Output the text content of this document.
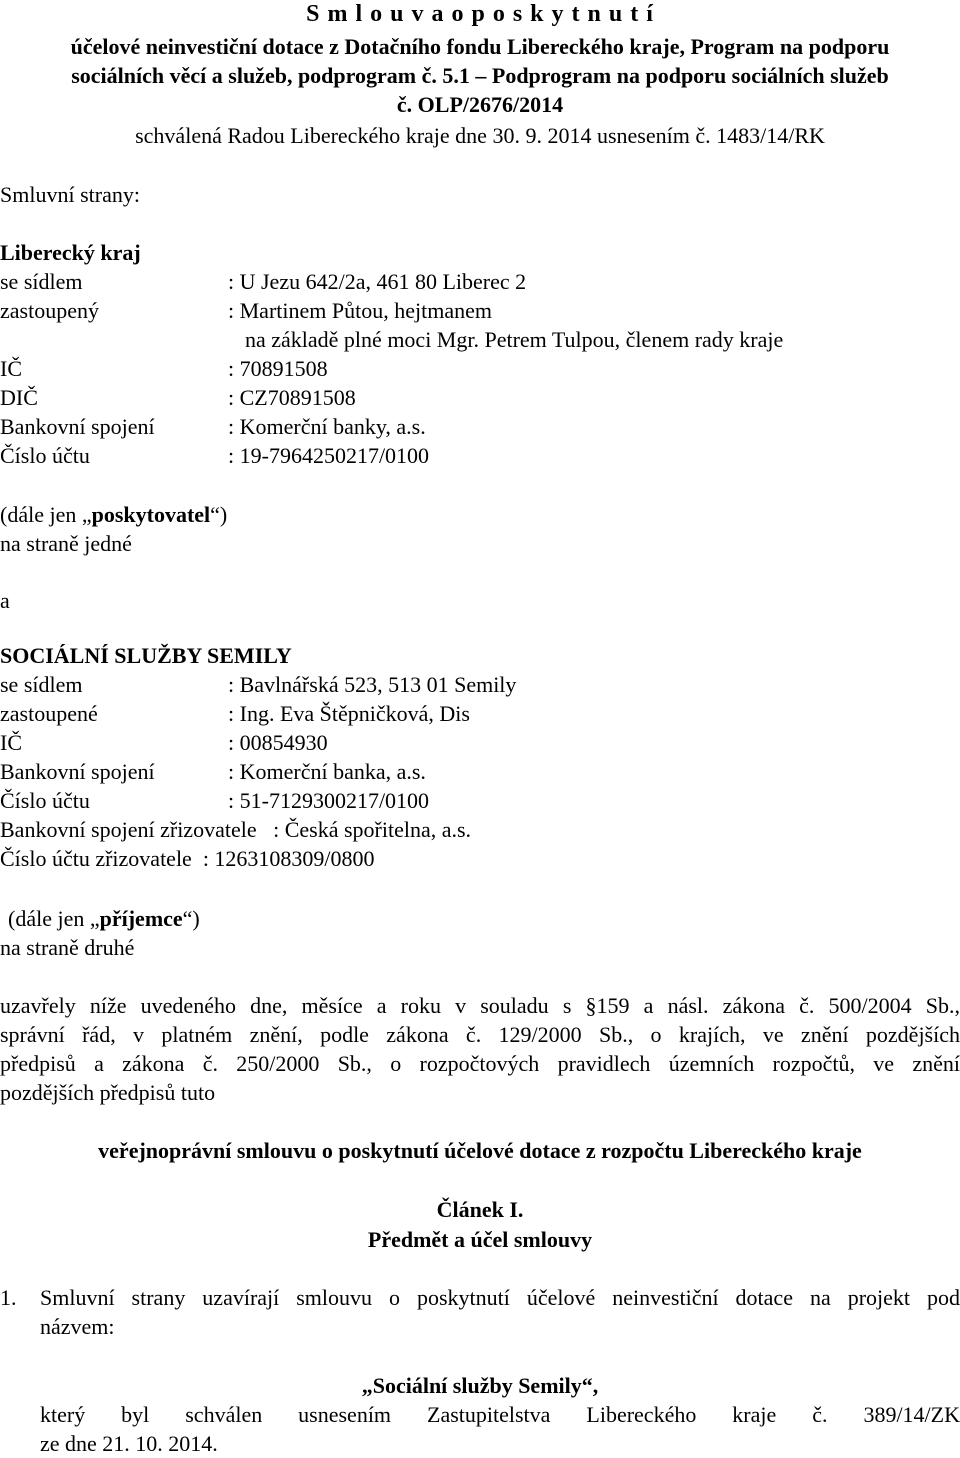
S m l o u v a o p o s k y t n u t í
účelové neinvestiční dotace z Dotačního fondu Libereckého kraje, Program na podporu
sociálních věcí a služeb, podprogram č. 5.1 – Podprogram na podporu sociálních služeb
č. OLP/2676/2014
schválená Radou Libereckého kraje dne 30. 9. 2014 usnesením č. 1483/14/RK
Smluvní strany:
Liberecký kraj
se sídlem	: U Jezu 642/2a, 461 80 Liberec 2
zastoupený	: Martinem Půtou, hejtmanem
na základě plné moci Mgr. Petrem Tulpou, členem rady kraje
IČ	: 70891508
DIČ	: CZ70891508
Bankovní spojení	: Komerční banky, a.s.
Číslo účtu	: 19-7964250217/0100
(dále jen „poskytovatel“)
na straně jedné
a
SOCIÁLNÍ SLUŽBY SEMILY
se sídlem	: Bavlnářská 523, 513 01 Semily
zastoupené	: Ing. Eva Štěpničková, Dis
IČ	: 00854930
Bankovní spojení	: Komerční banka, a.s.
Číslo účtu	: 51-7129300217/0100
Bankovní spojení zřizovatele   : Česká spořitelna, a.s.
Číslo účtu zřizovatele  : 1263108309/0800
(dále jen „příjemce“)
na straně druhé
uzavřely níže uvedeného dne, měsíce a roku v souladu s §159 a násl. zákona č. 500/2004 Sb.,
správní řád, v platném znění, podle zákona č. 129/2000 Sb., o krajích, ve znění pozdějších
předpisů a zákona č. 250/2000 Sb., o rozpočtových pravidlech územních rozpočtů, ve znění
pozdějších předpisů tuto
veřejnoprávní smlouvu o poskytnutí účelové dotace z rozpočtu Libereckého kraje
Článek I.
Předmět a účel smlouvy
1. Smluvní strany uzavírají smlouvu o poskytnutí účelové neinvestiční dotace na projekt pod
názvem:
„Sociální služby Semily“,
který byl schválen usnesením Zastupitelstva Libereckého kraje č. 389/14/ZK
ze dne 21. 10. 2014.
